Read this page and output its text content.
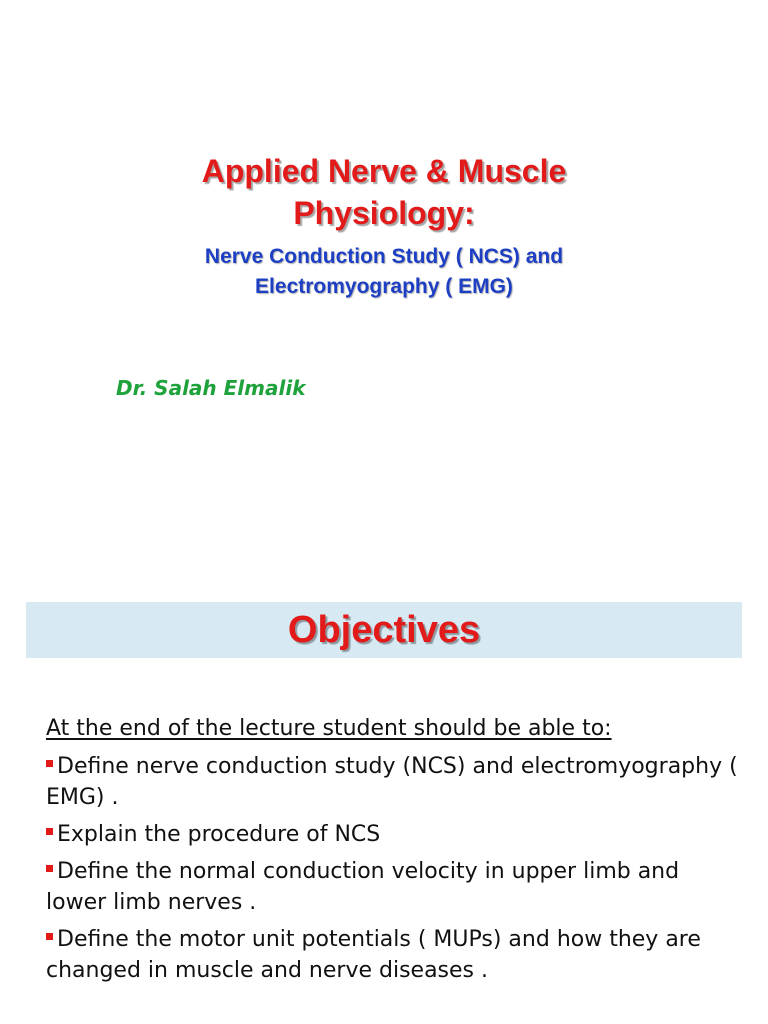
Applied Nerve & Muscle
Physiology:
Nerve Conduction Study ( NCS) and
Electromyography ( EMG)
Dr. Salah Elmalik
Objectives
At the end of the lecture student should be able to:
Define nerve conduction study (NCS) and electromyography ( EMG) .
Explain the procedure of NCS
Define the normal conduction velocity in upper limb and lower limb nerves .
Define the motor unit potentials ( MUPs) and how they are changed in muscle and nerve diseases .
